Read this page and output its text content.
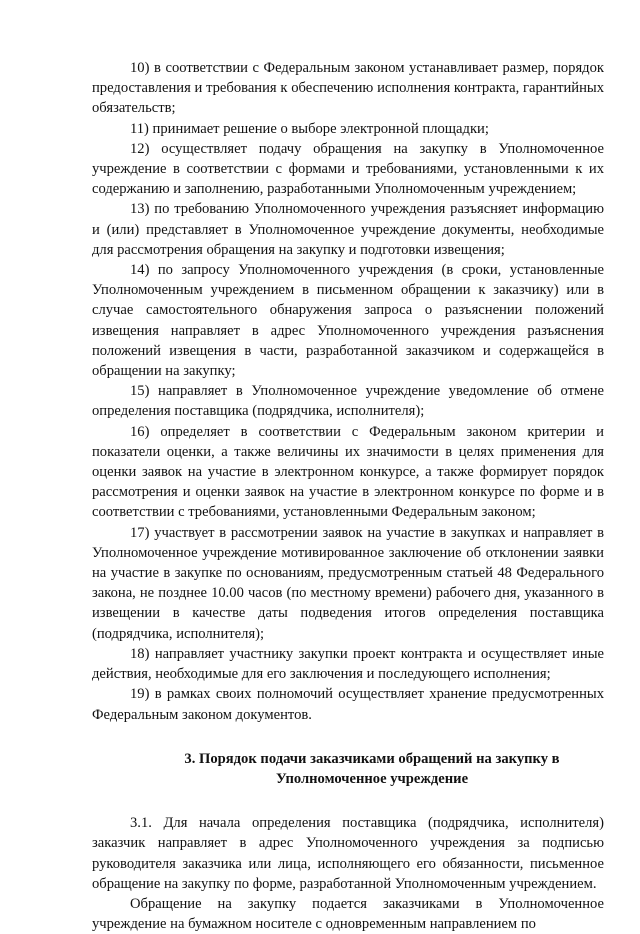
10) в соответствии с Федеральным законом устанавливает размер, порядок предоставления и требования к обеспечению исполнения контракта, гарантийных обязательств;

11) принимает решение о выборе электронной площадки;

12) осуществляет подачу обращения на закупку в Уполномоченное учреждение в соответствии с формами и требованиями, установленными к их содержанию и заполнению, разработанными Уполномоченным учреждением;

13) по требованию Уполномоченного учреждения разъясняет информацию и (или) представляет в Уполномоченное учреждение документы, необходимые для рассмотрения обращения на закупку и подготовки извещения;

14) по запросу Уполномоченного учреждения (в сроки, установленные Уполномоченным учреждением в письменном обращении к заказчику) или в случае самостоятельного обнаружения запроса о разъяснении положений извещения направляет в адрес Уполномоченного учреждения разъяснения положений извещения в части, разработанной заказчиком и содержащейся в обращении на закупку;

15) направляет в Уполномоченное учреждение уведомление об отмене определения поставщика (подрядчика, исполнителя);

16) определяет в соответствии с Федеральным законом критерии и показатели оценки, а также величины их значимости в целях применения для оценки заявок на участие в электронном конкурсе, а также формирует порядок рассмотрения и оценки заявок на участие в электронном конкурсе по форме и в соответствии с требованиями, установленными Федеральным законом;

17) участвует в рассмотрении заявок на участие в закупках и направляет в Уполномоченное учреждение мотивированное заключение об отклонении заявки на участие в закупке по основаниям, предусмотренным статьей 48 Федерального закона, не позднее 10.00 часов (по местному времени) рабочего дня, указанного в извещении в качестве даты подведения итогов определения поставщика (подрядчика, исполнителя);

18) направляет участнику закупки проект контракта и осуществляет иные действия, необходимые для его заключения и последующего исполнения;

19) в рамках своих полномочий осуществляет хранение предусмотренных Федеральным законом документов.

3. Порядок подачи заказчиками обращений на закупку в
Уполномоченное учреждение

3.1. Для начала определения поставщика (подрядчика, исполнителя) заказчик направляет в адрес Уполномоченного учреждения за подписью руководителя заказчика или лица, исполняющего его обязанности, письменное обращение на закупку по форме, разработанной Уполномоченным учреждением.

Обращение на закупку подается заказчиками в Уполномоченное учреждение на бумажном носителе с одновременным направлением по
